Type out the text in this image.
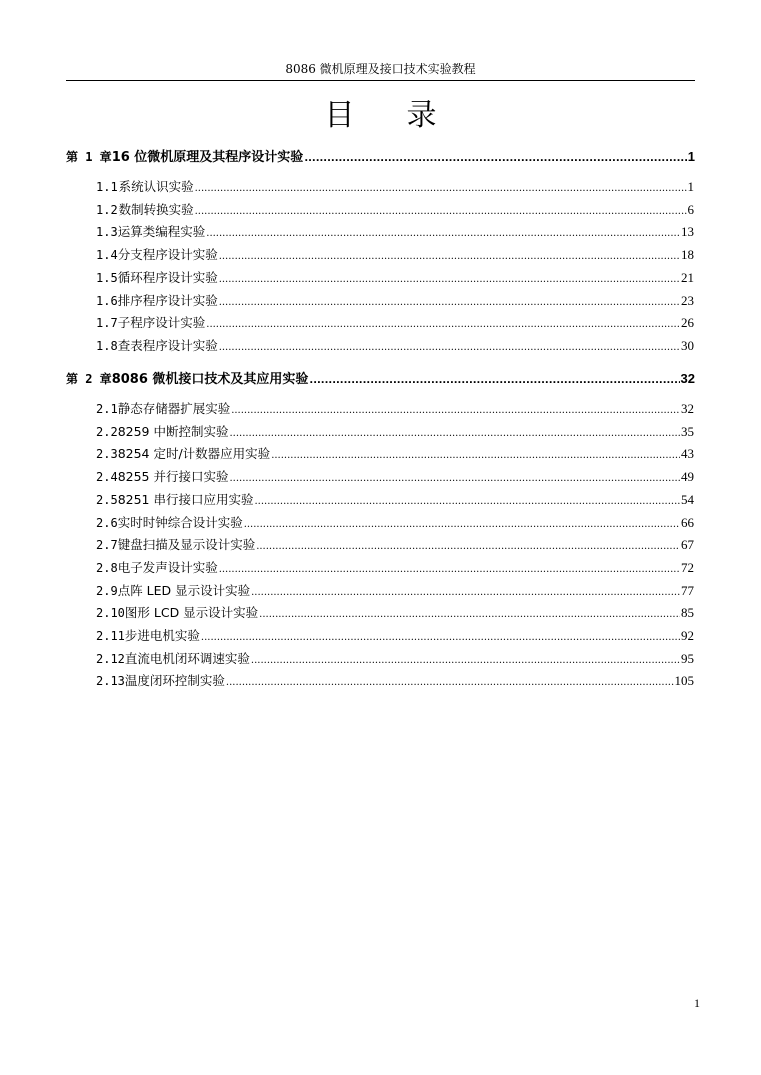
8086 微机原理及接口技术实验教程
目录
第 1 章 16 位微机原理及其程序设计实验 .....	1
1.1 系统认识实验 .....	1
1.2 数制转换实验 .....	6
1.3 运算类编程实验 .....	13
1.4 分支程序设计实验 .....	18
1.5 循环程序设计实验 .....	21
1.6 排序程序设计实验 .....	23
1.7 子程序设计实验 .....	26
1.8 查表程序设计实验 .....	30
第 2 章 8086 微机接口技术及其应用实验 .....	32
2.1 静态存储器扩展实验 .....	32
2.2 8259 中断控制实验 .....	35
2.3 8254 定时/计数器应用实验 .....	43
2.4 8255 并行接口实验 .....	49
2.5 8251 串行接口应用实验 .....	54
2.6 实时时钟综合设计实验 .....	66
2.7 键盘扫描及显示设计实验 .....	67
2.8 电子发声设计实验 .....	72
2.9 点阵 LED 显示设计实验 .....	77
2.10 图形 LCD 显示设计实验 .....	85
2.11 步进电机实验 .....	92
2.12 直流电机闭环调速实验 .....	95
2.13 温度闭环控制实验 .....	105
1
